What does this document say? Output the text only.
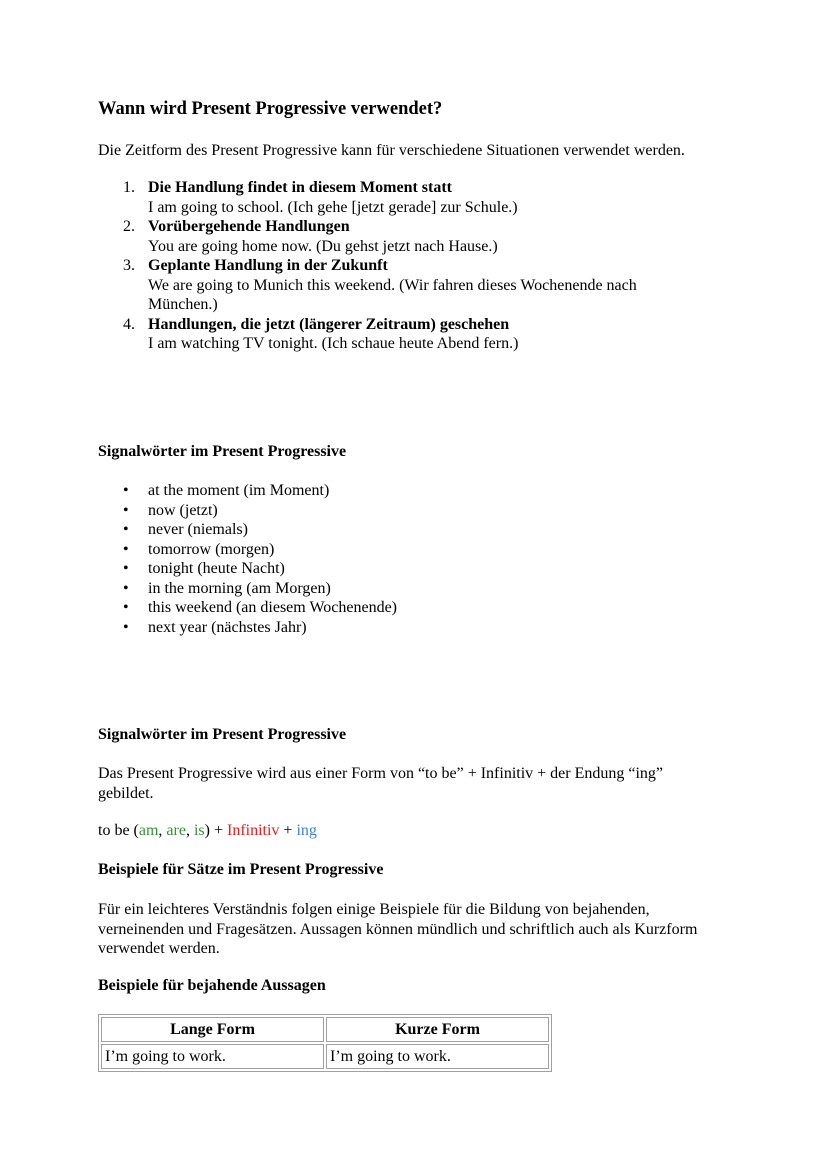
Wann wird Present Progressive verwendet?
Die Zeitform des Present Progressive kann für verschiedene Situationen verwendet werden.
1. Die Handlung findet in diesem Moment statt
I am going to school. (Ich gehe [jetzt gerade] zur Schule.)
2. Vorübergehende Handlungen
You are going home now. (Du gehst jetzt nach Hause.)
3. Geplante Handlung in der Zukunft
We are going to Munich this weekend. (Wir fahren dieses Wochenende nach München.)
4. Handlungen, die jetzt (längerer Zeitraum) geschehen
I am watching TV tonight. (Ich schaue heute Abend fern.)
Signalwörter im Present Progressive
• at the moment (im Moment)
• now (jetzt)
• never (niemals)
• tomorrow (morgen)
• tonight (heute Nacht)
• in the morning (am Morgen)
• this weekend (an diesem Wochenende)
• next year (nächstes Jahr)
Signalwörter im Present Progressive
Das Present Progressive wird aus einer Form von “to be” + Infinitiv + der Endung “ing” gebildet.
to be (am, are, is) + Infinitiv + ing
Beispiele für Sätze im Present Progressive
Für ein leichteres Verständnis folgen einige Beispiele für die Bildung von bejahenden, verneinenden und Fragesätzen. Aussagen können mündlich und schriftlich auch als Kurzform verwendet werden.
Beispiele für bejahende Aussagen
Lange Form	Kurze Form
I’m going to work.	I’m going to work.
